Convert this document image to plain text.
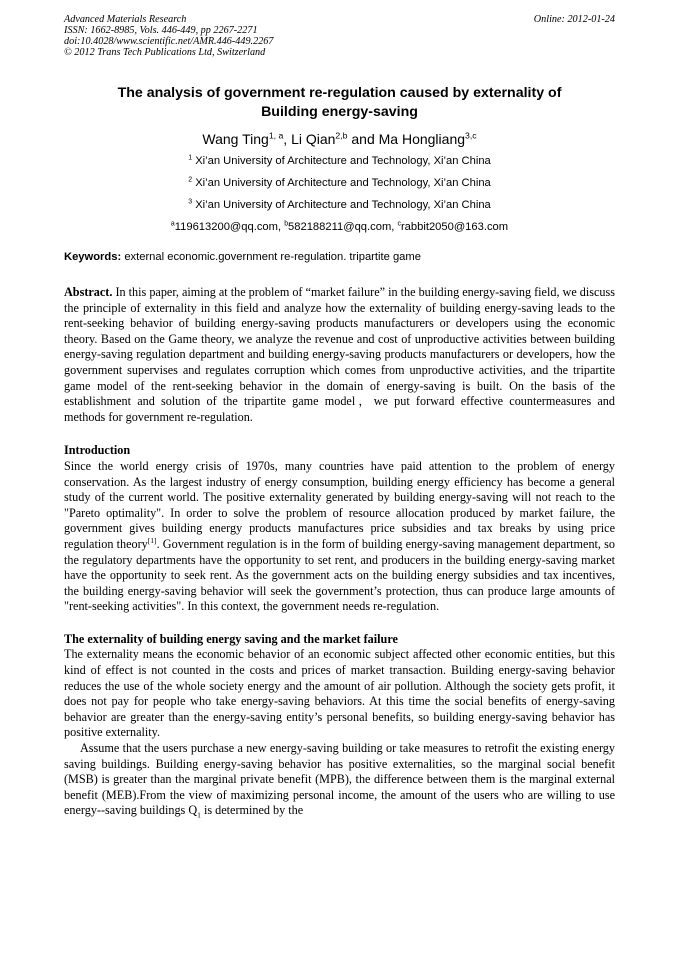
Advanced Materials Research
ISSN: 1662-8985, Vols. 446-449, pp 2267-2271
doi:10.4028/www.scientific.net/AMR.446-449.2267
© 2012 Trans Tech Publications Ltd, Switzerland
Online: 2012-01-24
The analysis of government re-regulation caused by externality of
Building energy-saving
Wang Ting$^{1, a}$, Li Qian$^{2,b}$ and Ma Hongliang$^{3,c}$
$^1$ Xi’an University of Architecture and Technology, Xi’an China
$^2$ Xi’an University of Architecture and Technology, Xi’an China
$^3$ Xi’an University of Architecture and Technology, Xi’an China
$^a$119613200@qq.com, $^b$582188211@qq.com, $^c$rabbit2050@163.com
Keywords: external economic.government re-regulation. tripartite game
Abstract. In this paper, aiming at the problem of “market failure” in the building energy-saving field, we discuss the principle of externality in this field and analyze how the externality of building energy-saving leads to the rent-seeking behavior of building energy-saving products manufacturers or developers using the economic theory. Based on the Game theory, we analyze the revenue and cost of unproductive activities between building energy-saving regulation department and building energy-saving products manufacturers or developers, how the government supervises and regulates corruption which comes from unproductive activities, and the tripartite game model of the rent-seeking behavior in the domain of energy-saving is built. On the basis of the establishment and solution of the tripartite game model，we put forward effective countermeasures and methods for government re-regulation.
Introduction
Since the world energy crisis of 1970s, many countries have paid attention to the problem of energy conservation. As the largest industry of energy consumption, building energy efficiency has become a general study of the current world. The positive externality generated by building energy-saving will not reach to the "Pareto optimality". In order to solve the problem of resource allocation produced by market failure, the government gives building energy products manufactures price subsidies and tax breaks by using price regulation theory[1]. Government regulation is in the form of building energy-saving management department, so the regulatory departments have the opportunity to set rent, and producers in the building energy-saving market have the opportunity to seek rent. As the government acts on the building energy subsidies and tax incentives, the building energy-saving behavior will seek the government’s protection, thus can produce large amounts of "rent-seeking activities". In this context, the government needs re-regulation.
The externality of building energy saving and the market failure
The externality means the economic behavior of an economic subject affected other economic entities, but this kind of effect is not counted in the costs and prices of market transaction. Building energy-saving behavior reduces the use of the whole society energy and the amount of air pollution. Although the society gets profit, it does not pay for people who take energy-saving behaviors. At this time the social benefits of energy-saving behavior are greater than the energy-saving entity’s personal benefits, so building energy-saving behavior has positive externality.
Assume that the users purchase a new energy-saving building or take measures to retrofit the existing energy saving buildings. Building energy-saving behavior has positive externalities, so the marginal social benefit (MSB) is greater than the marginal private benefit (MPB), the difference between them is the marginal external benefit (MEB).From the view of maximizing personal income, the amount of the users who are willing to use energy--saving buildings $Q_1$ is determined by the
